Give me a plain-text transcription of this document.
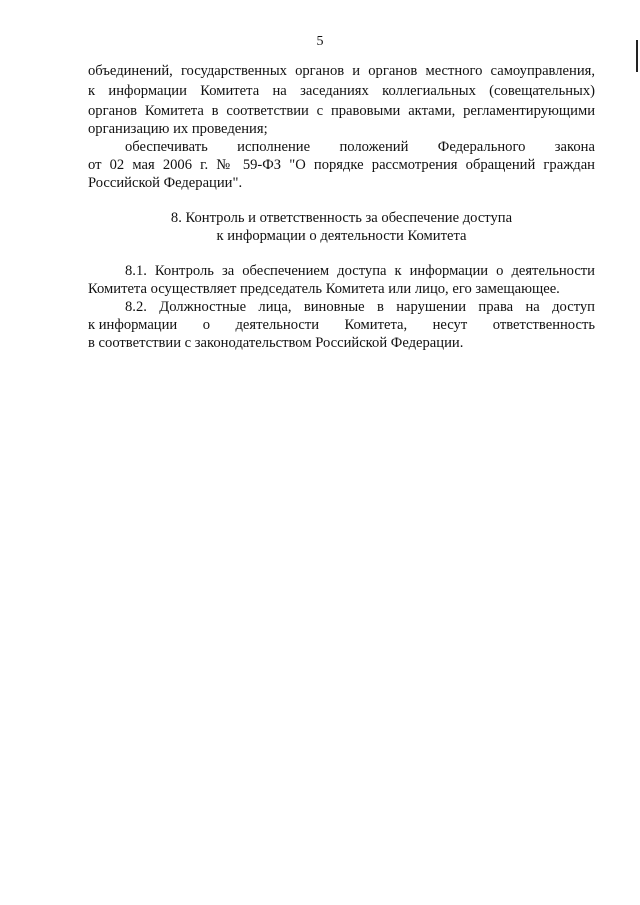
5
объединений, государственных органов и органов местного самоуправления,
к информации Комитета на заседаниях коллегиальных (совещательных)
органов Комитета в соответствии с правовыми актами, регламентирующими
организацию их проведения;
обеспечивать исполнение положений Федерального закона
от 02 мая 2006 г. № 59-ФЗ "О порядке рассмотрения обращений граждан
Российской Федерации".
8. Контроль и ответственность за обеспечение доступа
к информации о деятельности Комитета
8.1. Контроль за обеспечением доступа к информации о деятельности
Комитета осуществляет председатель Комитета или лицо, его замещающее.
8.2. Должностные лица, виновные в нарушении права на доступ
к информации о деятельности Комитета, несут ответственность
в соответствии с законодательством Российской Федерации.
